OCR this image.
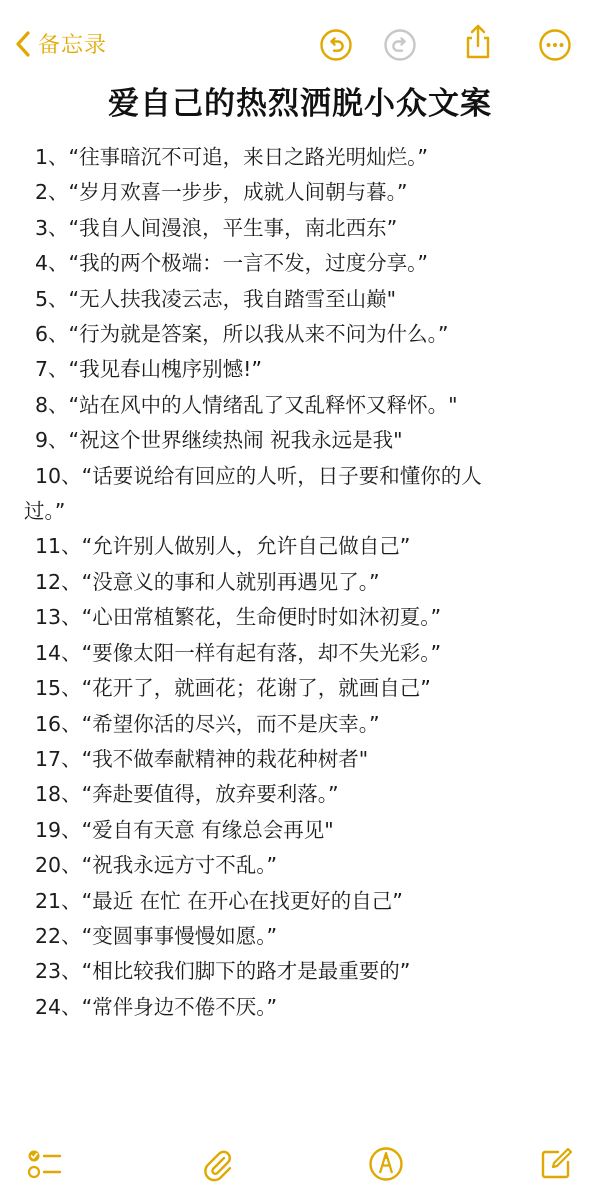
备忘录
爱自己的热烈洒脱小众文案
1、“往事暗沉不可追，来日之路光明灿烂。”
2、“岁月欢喜一步步，成就人间朝与暮。”
3、“我自人间漫浪，平生事，南北西东”
4、“我的两个极端：一言不发，过度分享。”
5、“无人扶我凌云志，我自踏雪至山巅"
6、“行为就是答案，所以我从来不问为什么。”
7、“我见春山槐序别憾!”
8、“站在风中的人情绪乱了又乱释怀又释怀。"
9、“祝这个世界继续热闹 祝我永远是我"
10、“话要说给有回应的人听，日子要和懂你的人
过。”
11、“允许别人做别人，允许自己做自己”
12、“没意义的事和人就别再遇见了。”
13、“心田常植繁花，生命便时时如沐初夏。”
14、“要像太阳一样有起有落，却不失光彩。”
15、“花开了，就画花；花谢了，就画自己”
16、“希望你活的尽兴，而不是庆幸。”
17、“我不做奉献精神的栽花种树者"
18、“奔赴要值得，放弃要利落。”
19、“爱自有天意 有缘总会再见"
20、“祝我永远方寸不乱。”
21、“最近 在忙 在开心在找更好的自己”
22、“变圆事事慢慢如愿。”
23、“相比较我们脚下的路才是最重要的”
24、“常伴身边不倦不厌。”
